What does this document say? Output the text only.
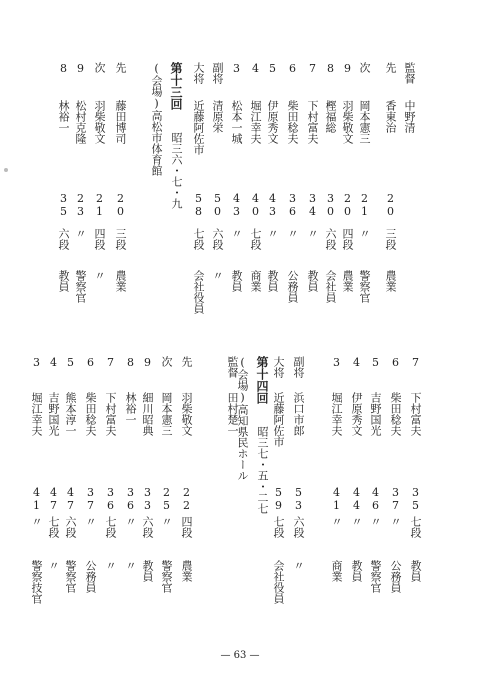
第十三回
(会場)高松市体育館 昭三六・七・九
監督
中野清
先
香東治
20
三段
農業
次
岡本憲三
21
〃
警察官
9
羽柴敬文
20
四段
農業
8
樫福総
30
六段
会社員
7
下村富夫
34
〃
教員
6
柴田稔夫
36
〃
公務員
5
伊原秀文
43
〃
教員
4
堀江幸夫
40
七段
商業
3
松本一城
43
〃
教員
副将
清原栄
50
六段
〃
大将
近藤阿佐市
58
七段
会社役員
先
藤田博司
20
三段
農業
次
羽柴敬文
21
四段
〃
9
松村克隆
23
〃
警察官
8
林裕一
35
六段
教員
第十四回
(会場)高知県民ホール 昭三七・五・二七
7
下村富夫
35
七段
教員
6
柴田稔夫
37
〃
公務員
5
吉野国光
46
〃
警察官
4
伊原秀文
44
〃
教員
3
堀江幸夫
41
〃
商業
副将
浜口市郎
53
六段
〃
大将
近藤阿佐市
59
七段
会社役員
監督
田村楚一
先
羽柴敬文
22
四段
農業
次
岡本憲三
25
〃
警察官
9
細川昭典
33
六段
教員
8
林裕一
36
〃
〃
7
下村富夫
36
七段
〃
6
柴田稔夫
37
〃
公務員
5
熊本淳一
47
六段
警察官
4
吉野国光
47
七段
〃
3
堀江幸夫
41
〃
警察技官
— 63 —
